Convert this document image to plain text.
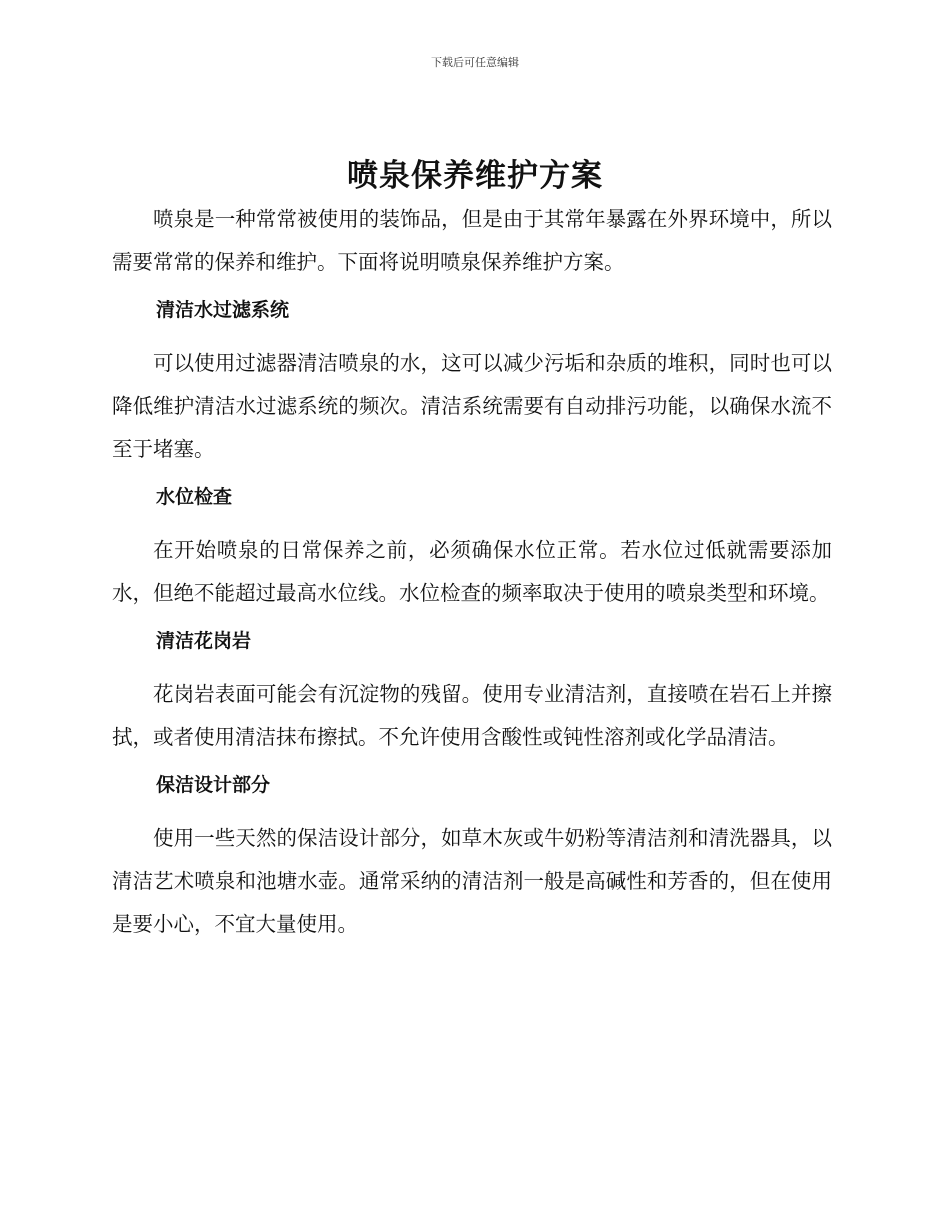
下载后可任意编辑
喷泉保养维护方案

喷泉是一种常常被使用的装饰品，但是由于其常年暴露在外界环境中，所以需要常常的保养和维护。下面将说明喷泉保养维护方案。

清洁水过滤系统

可以使用过滤器清洁喷泉的水，这可以减少污垢和杂质的堆积，同时也可以降低维护清洁水过滤系统的频次。清洁系统需要有自动排污功能，以确保水流不至于堵塞。

水位检查

在开始喷泉的日常保养之前，必须确保水位正常。若水位过低就需要添加水，但绝不能超过最高水位线。水位检查的频率取决于使用的喷泉类型和环境。

清洁花岗岩

花岗岩表面可能会有沉淀物的残留。使用专业清洁剂，直接喷在岩石上并擦拭，或者使用清洁抹布擦拭。不允许使用含酸性或钝性溶剂或化学品清洁。

保洁设计部分

使用一些天然的保洁设计部分，如草木灰或牛奶粉等清洁剂和清洗器具，以清洁艺术喷泉和池塘水壶。通常采纳的清洁剂一般是高碱性和芳香的，但在使用是要小心，不宜大量使用。
